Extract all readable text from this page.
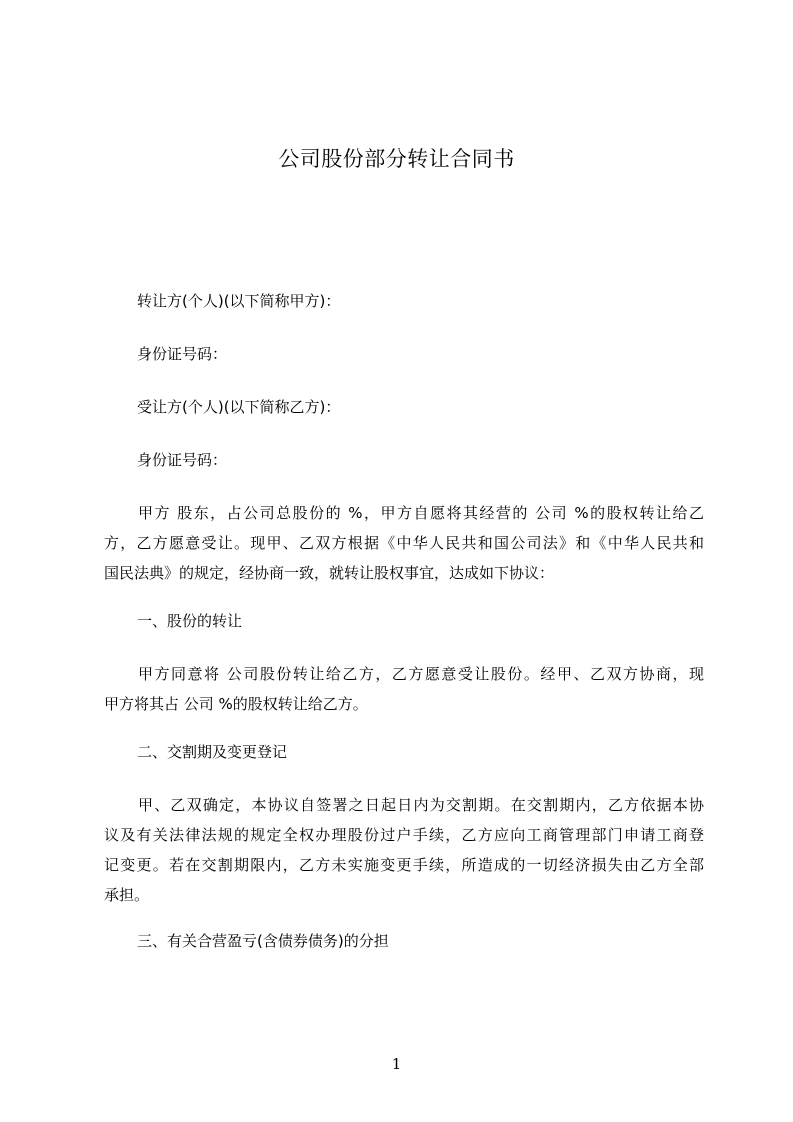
公司股份部分转让合同书
转让方(个人)(以下简称甲方)：
身份证号码：
受让方(个人)(以下简称乙方)：
身份证号码：
甲方 股东，占公司总股份的 %，甲方自愿将其经营的 公司 %的股权转让给乙
方，乙方愿意受让。现甲、乙双方根据《中华人民共和国公司法》和《中华人民共和
国民法典》的规定，经协商一致，就转让股权事宜，达成如下协议：
一、股份的转让
甲方同意将 公司股份转让给乙方，乙方愿意受让股份。经甲、乙双方协商，现
甲方将其占 公司 %的股权转让给乙方。
二、交割期及变更登记
甲、乙双确定，本协议自签署之日起日内为交割期。在交割期内，乙方依据本协
议及有关法律法规的规定全权办理股份过户手续，乙方应向工商管理部门申请工商登
记变更。若在交割期限内，乙方未实施变更手续，所造成的一切经济损失由乙方全部
承担。
三、有关合营盈亏(含债券债务)的分担
1
